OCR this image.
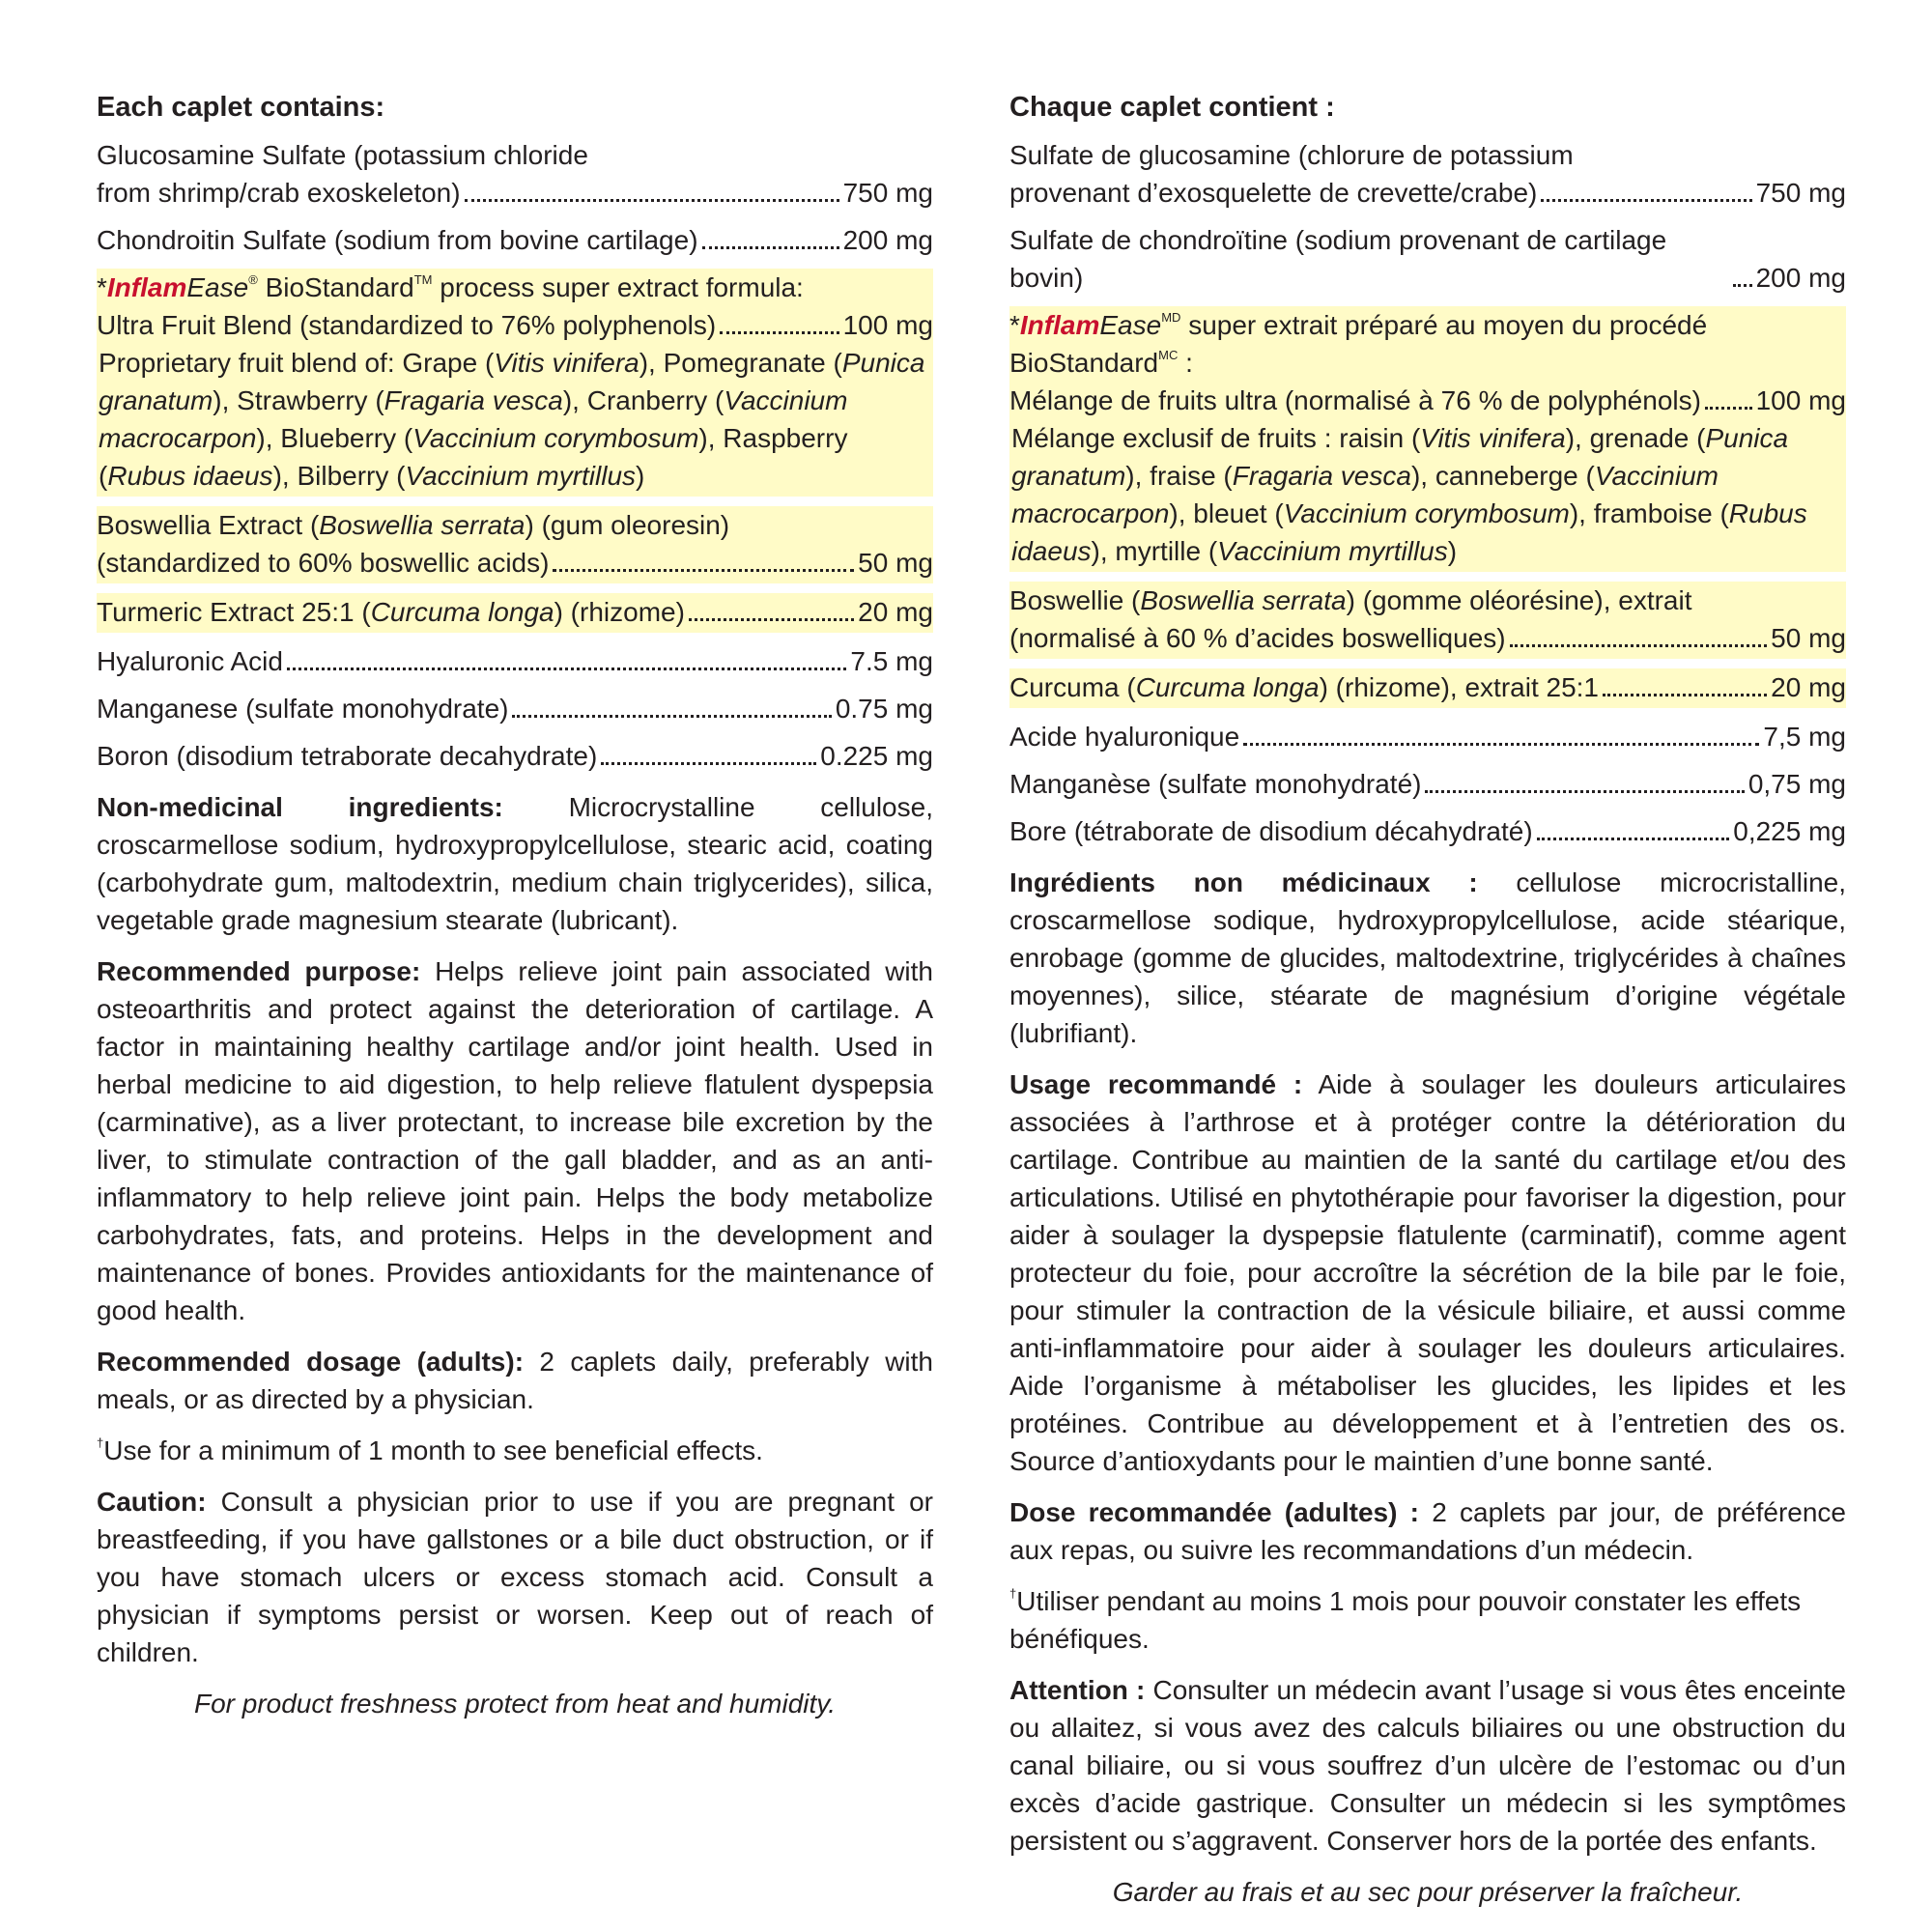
Each caplet contains:
Glucosamine Sulfate (potassium chloride
from shrimp/crab exoskeleton)	750 mg
Chondroitin Sulfate (sodium from bovine cartilage)	200 mg
*InflamEase® BioStandard™ process super extract formula:
Ultra Fruit Blend (standardized to 76% polyphenols)	100 mg
Proprietary fruit blend of: Grape (Vitis vinifera), Pomegranate (Punica granatum), Strawberry (Fragaria vesca), Cranberry (Vaccinium macrocarpon), Blueberry (Vaccinium corymbosum), Raspberry (Rubus idaeus), Bilberry (Vaccinium myrtillus)
Boswellia Extract (Boswellia serrata) (gum oleoresin)
(standardized to 60% boswellic acids)	50 mg
Turmeric Extract 25:1 (Curcuma longa) (rhizome)	20 mg
Hyaluronic Acid	7.5 mg
Manganese (sulfate monohydrate)	0.75 mg
Boron (disodium tetraborate decahydrate)	0.225 mg
Non-medicinal ingredients: Microcrystalline cellulose, croscarmellose sodium, hydroxypropylcellulose, stearic acid, coating (carbohydrate gum, maltodextrin, medium chain triglycerides), silica, vegetable grade magnesium stearate (lubricant).
Recommended purpose: Helps relieve joint pain associated with osteoarthritis and protect against the deterioration of cartilage. A factor in maintaining healthy cartilage and/or joint health. Used in herbal medicine to aid digestion, to help relieve flatulent dyspepsia (carminative), as a liver protectant, to increase bile excretion by the liver, to stimulate contraction of the gall bladder, and as an anti-inflammatory to help relieve joint pain. Helps the body metabolize carbohydrates, fats, and proteins. Helps in the development and maintenance of bones. Provides antioxidants for the maintenance of good health.
Recommended dosage (adults): 2 caplets daily, preferably with meals, or as directed by a physician.
†Use for a minimum of 1 month to see beneficial effects.
Caution: Consult a physician prior to use if you are pregnant or breastfeeding, if you have gallstones or a bile duct obstruction, or if you have stomach ulcers or excess stomach acid. Consult a physician if symptoms persist or worsen. Keep out of reach of children.
For product freshness protect from heat and humidity.
Chaque caplet contient :
Sulfate de glucosamine (chlorure de potassium
provenant d’exosquelette de crevette/crabe)	750 mg
Sulfate de chondroïtine (sodium provenant de cartilage bovin)	200 mg
*InflamEase$^{MD}$ super extrait préparé au moyen du procédé
BioStandard$^{MC}$ :
Mélange de fruits ultra (normalisé à 76 % de polyphénols) 100 mg
Mélange exclusif de fruits : raisin (Vitis vinifera), grenade (Punica granatum), fraise (Fragaria vesca), canneberge (Vaccinium macrocarpon), bleuet (Vaccinium corymbosum), framboise (Rubus idaeus), myrtille (Vaccinium myrtillus)
Boswellie (Boswellia serrata) (gomme oléorésine), extrait
(normalisé à 60 % d’acides boswelliques)	50 mg
Curcuma (Curcuma longa) (rhizome), extrait 25:1	20 mg
Acide hyaluronique	7,5 mg
Manganèse (sulfate monohydraté)	0,75 mg
Bore (tétraborate de disodium décahydraté)	0,225 mg
Ingrédients non médicinaux : cellulose microcristalline, croscarmellose sodique, hydroxypropylcellulose, acide stéarique, enrobage (gomme de glucides, maltodextrine, triglycérides à chaînes moyennes), silice, stéarate de magnésium d’origine végétale (lubrifiant).
Usage recommandé : Aide à soulager les douleurs articulaires associées à l’arthrose et à protéger contre la détérioration du cartilage. Contribue au maintien de la santé du cartilage et/ou des articulations. Utilisé en phytothérapie pour favoriser la digestion, pour aider à soulager la dyspepsie flatulente (carminatif), comme agent protecteur du foie, pour accroître la sécrétion de la bile par le foie, pour stimuler la contraction de la vésicule biliaire, et aussi comme anti-inflammatoire pour aider à soulager les douleurs articulaires. Aide l’organisme à métaboliser les glucides, les lipides et les protéines. Contribue au développement et à l’entretien des os. Source d’antioxydants pour le maintien d’une bonne santé.
Dose recommandée (adultes) : 2 caplets par jour, de préférence aux repas, ou suivre les recommandations d’un médecin.
†Utiliser pendant au moins 1 mois pour pouvoir constater les effets bénéfiques.
Attention : Consulter un médecin avant l’usage si vous êtes enceinte ou allaitez, si vous avez des calculs biliaires ou une obstruction du canal biliaire, ou si vous souffrez d’un ulcère de l’estomac ou d’un excès d’acide gastrique. Consulter un médecin si les symptômes persistent ou s’aggravent. Conserver hors de la portée des enfants.
Garder au frais et au sec pour préserver la fraîcheur.
